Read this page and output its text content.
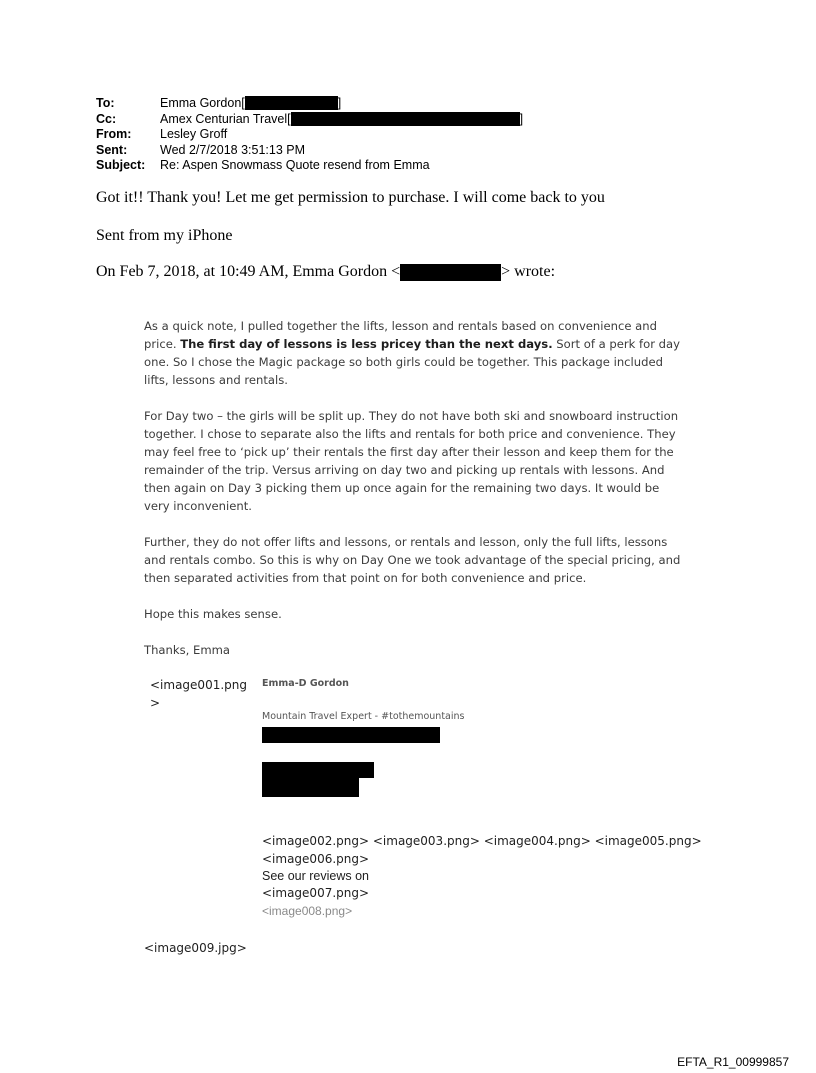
To:	Emma Gordon[	]
Cc:	Amex Centurian Travel[	]
From:	Lesley Groff
Sent:	Wed 2/7/2018 3:51:13 PM
Subject:	Re: Aspen Snowmass Quote resend from Emma
Got it!! Thank you! Let me get permission to purchase. I will come back to you
Sent from my iPhone
On Feb 7, 2018, at 10:49 AM, Emma Gordon <	> wrote:

As a quick note, I pulled together the lifts, lesson and rentals based on convenience and price. The first day of lessons is less pricey than the next days. Sort of a perk for day one. So I chose the Magic package so both girls could be together. This package included lifts, lessons and rentals.

For Day two – the girls will be split up. They do not have both ski and snowboard instruction together. I chose to separate also the lifts and rentals for both price and convenience. They may feel free to ‘pick up’ their rentals the first day after their lesson and keep them for the remainder of the trip. Versus arriving on day two and picking up rentals with lessons. And then again on Day 3 picking them up once again for the remaining two days. It would be very inconvenient.

Further, they do not offer lifts and lessons, or rentals and lesson, only the full lifts, lessons and rentals combo. So this is why on Day One we took advantage of the special pricing, and then separated activities from that point on for both convenience and price.

Hope this makes sense.

Thanks, Emma

<image001.png >
Emma-D Gordon
Mountain Travel Expert - #tothemountains
<image002.png> <image003.png> <image004.png> <image005.png> <image006.png>
See our reviews on
<image007.png>
<image008.png>
<image009.jpg>
EFTA_R1_00999857
